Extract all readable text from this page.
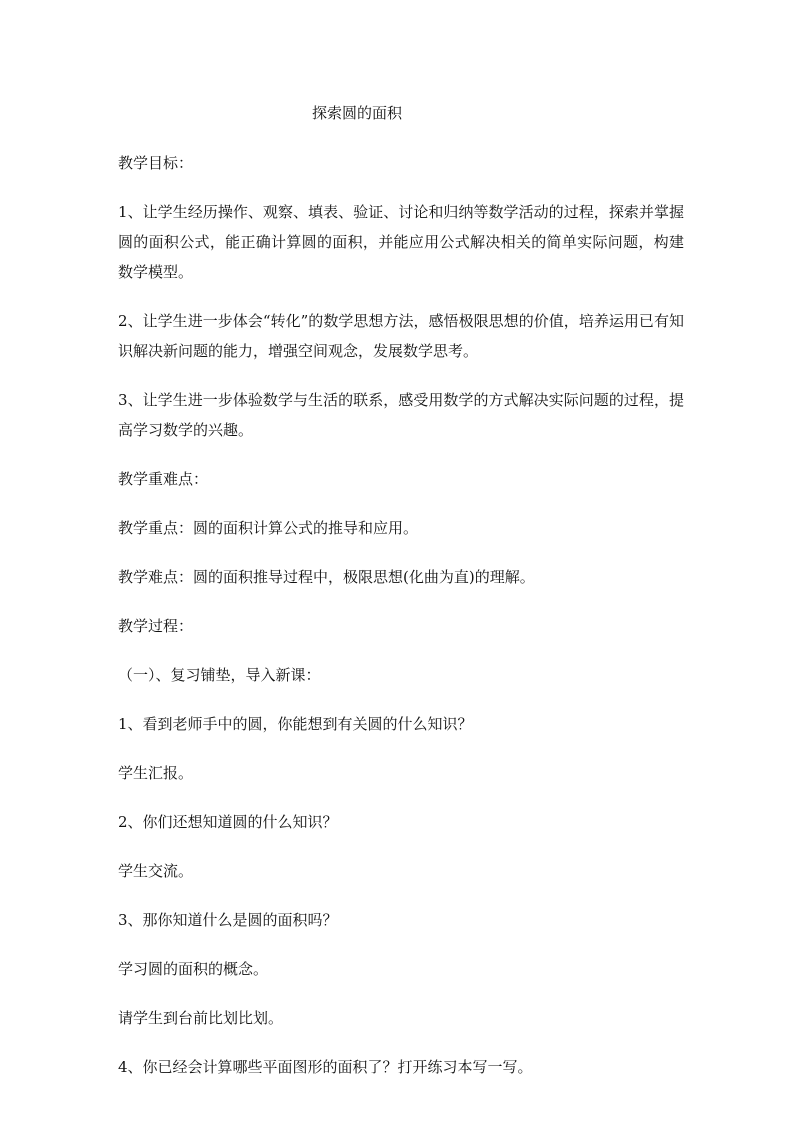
探索圆的面积

教学目标：

1、让学生经历操作、观察、填表、验证、讨论和归纳等数学活动的过程，探索并掌握圆的面积公式，能正确计算圆的面积，并能应用公式解决相关的简单实际问题，构建数学模型。

2、让学生进一步体会“转化”的数学思想方法，感悟极限思想的价值，培养运用已有知识解决新问题的能力，增强空间观念，发展数学思考。

3、让学生进一步体验数学与生活的联系，感受用数学的方式解决实际问题的过程，提高学习数学的兴趣。

教学重难点：

教学重点：圆的面积计算公式的推导和应用。

教学难点：圆的面积推导过程中，极限思想(化曲为直)的理解。

教学过程：

（一）、复习铺垫，导入新课：

1、看到老师手中的圆，你能想到有关圆的什么知识？

学生汇报。

2、你们还想知道圆的什么知识？

学生交流。

3、那你知道什么是圆的面积吗？

学习圆的面积的概念。

请学生到台前比划比划。

4、你已经会计算哪些平面图形的面积了？打开练习本写一写。
